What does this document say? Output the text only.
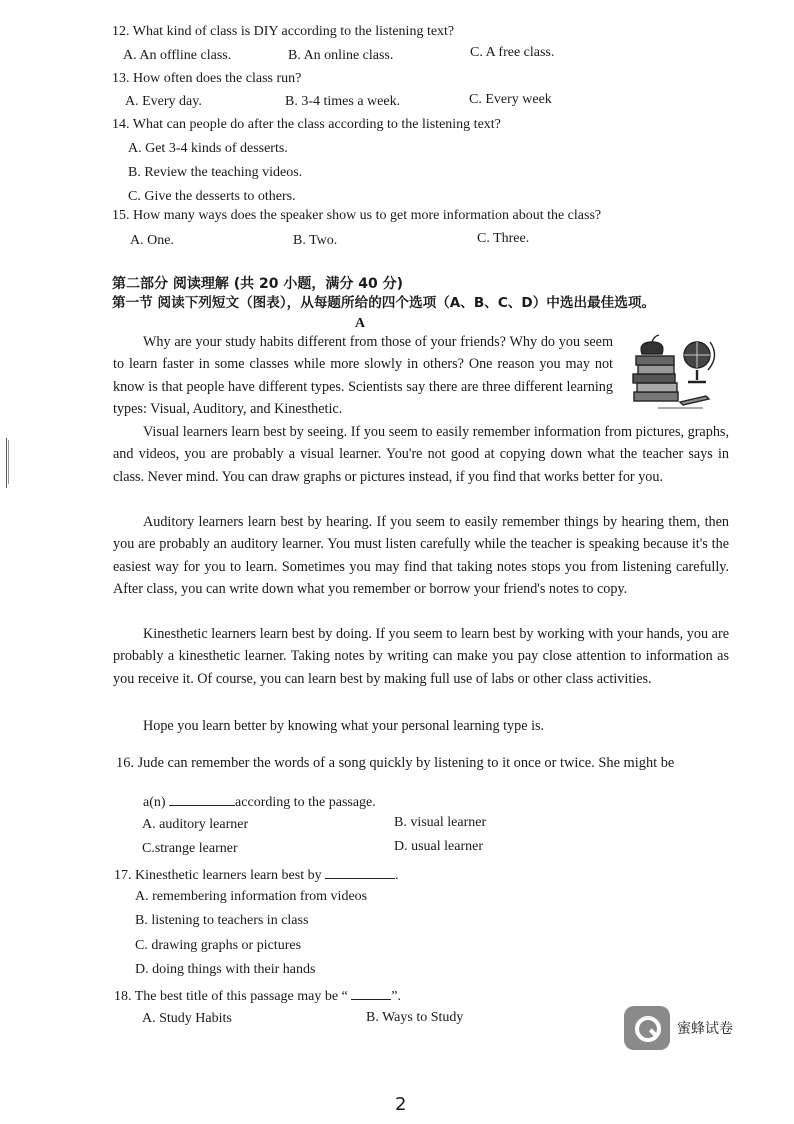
12. What kind of class is DIY according to the listening text?
A. An offline class.	B. An online class.	C. A free class.
13. How often does the class run?
A. Every day.	B. 3-4 times a week.	C. Every week
14. What can people do after the class according to the listening text?
A. Get 3-4 kinds of desserts.
B. Review the teaching videos.
C. Give the desserts to others.
15. How many ways does the speaker show us to get more information about the class?
A. One.	B. Two.	C. Three.
第二部分 阅读理解 (共 20 小题，满分 40 分)
第一节 阅读下列短文（图表），从每题所给的四个选项（A、B、C、D）中选出最佳选项。
A
Why are your study habits different from those of your friends? Why do you seem to learn faster in some classes while more slowly in others? One reason you may not know is that people have different types. Scientists say there are three different learning types: Visual, Auditory, and Kinesthetic.
Visual learners learn best by seeing. If you seem to easily remember information from pictures, graphs, and videos, you are probably a visual learner. You're not good at copying down what the teacher says in class. Never mind. You can draw graphs or pictures instead, if you find that works better for you.
Auditory learners learn best by hearing. If you seem to easily remember things by hearing them, then you are probably an auditory learner. You must listen carefully while the teacher is speaking because it's the easiest way for you to learn. Sometimes you may find that taking notes stops you from listening carefully. After class, you can write down what you remember or borrow your friend's notes to copy.
Kinesthetic learners learn best by doing. If you seem to learn best by working with your hands, you are probably a kinesthetic learner. Taking notes by writing can make you pay close attention to information as you receive it. Of course, you can learn best by making full use of labs or other class activities.
Hope you learn better by knowing what your personal learning type is.
16. Jude can remember the words of a song quickly by listening to it once or twice. She might be
a(n)	according to the passage.
A. auditory learner	B. visual learner
C.strange learner	D. usual learner
17. Kinesthetic learners learn best by	.
A. remembering information from videos
B. listening to teachers in class
C. drawing graphs or pictures
D. doing things with their hands
18. The best title of this passage may be “	”.
A. Study Habits	B. Ways to Study
蜜蜂试卷
2
